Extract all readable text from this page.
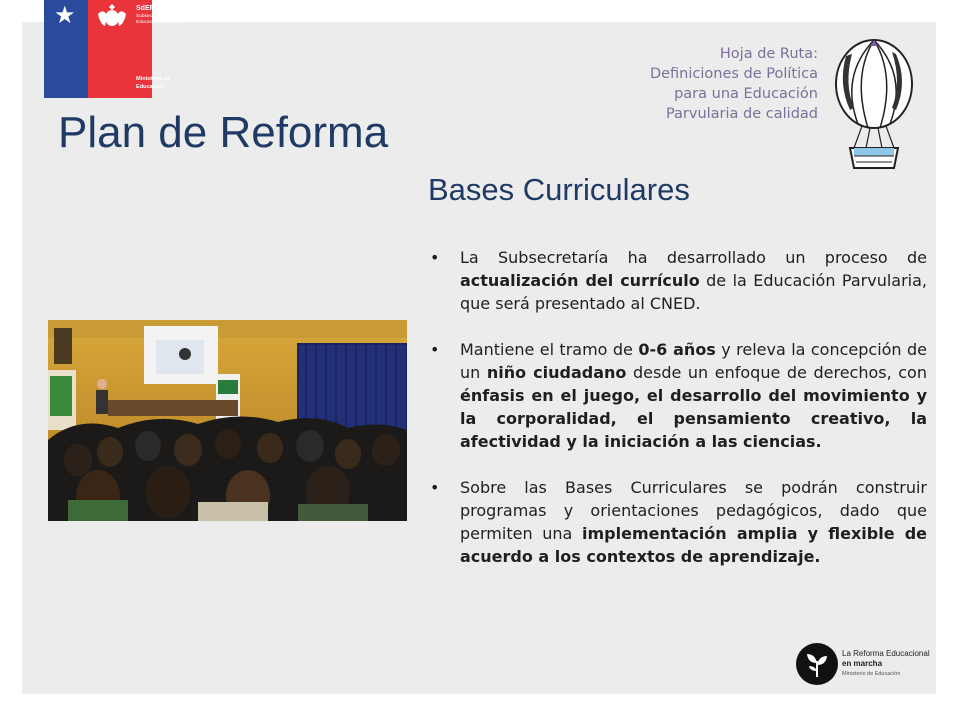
★	SdEP
Subsecretaría de Educación Parvularia
Ministerio de Educación
Plan de Reforma
Hoja de Ruta:
Definiciones de Política
para una Educación
Parvularia de calidad
Bases Curriculares
• La Subsecretaría ha desarrollado un proceso de actualización del currículo de la Educación Parvularia, que será presentado al CNED.
• Mantiene el tramo de 0-6 años y releva la concepción de un niño ciudadano desde un enfoque de derechos, con énfasis en el juego, el desarrollo del movimiento y la corporalidad, el pensamiento creativo, la afectividad y la iniciación a las ciencias.
• Sobre las Bases Curriculares se podrán construir programas y orientaciones pedagógicos, dado que permiten una implementación amplia y flexible de acuerdo a los contextos de aprendizaje.
La Reforma Educacional
en marcha
Ministerio de Educación
